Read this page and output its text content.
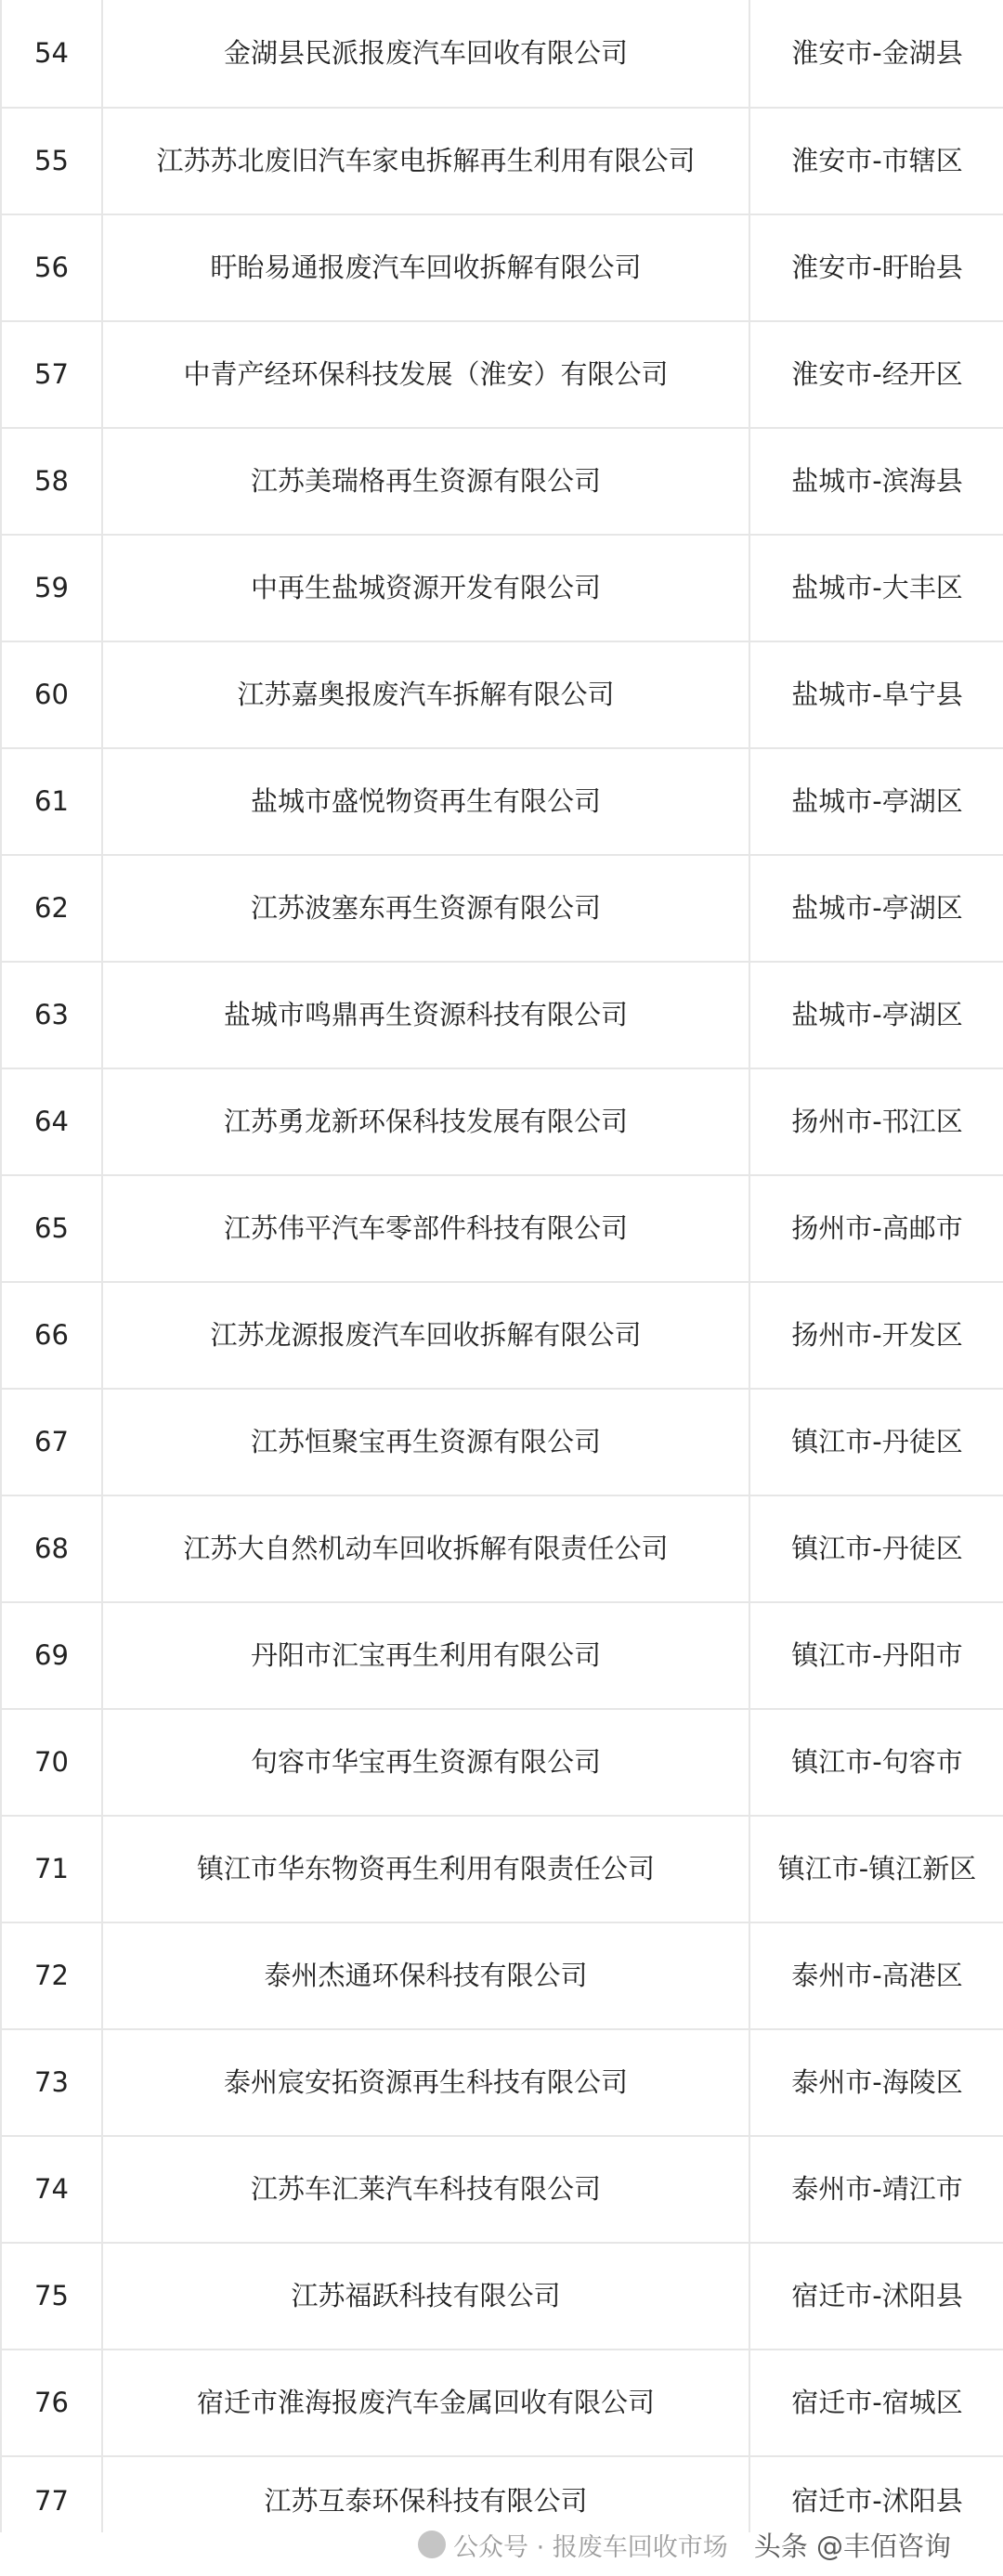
54	金湖县民派报废汽车回收有限公司	淮安市-金湖县
55	江苏苏北废旧汽车家电拆解再生利用有限公司	淮安市-市辖区
56	盱眙易通报废汽车回收拆解有限公司	淮安市-盱眙县
57	中青产经环保科技发展（淮安）有限公司	淮安市-经开区
58	江苏美瑞格再生资源有限公司	盐城市-滨海县
59	中再生盐城资源开发有限公司	盐城市-大丰区
60	江苏嘉奥报废汽车拆解有限公司	盐城市-阜宁县
61	盐城市盛悦物资再生有限公司	盐城市-亭湖区
62	江苏波塞东再生资源有限公司	盐城市-亭湖区
63	盐城市鸣鼎再生资源科技有限公司	盐城市-亭湖区
64	江苏勇龙新环保科技发展有限公司	扬州市-邗江区
65	江苏伟平汽车零部件科技有限公司	扬州市-高邮市
66	江苏龙源报废汽车回收拆解有限公司	扬州市-开发区
67	江苏恒聚宝再生资源有限公司	镇江市-丹徒区
68	江苏大自然机动车回收拆解有限责任公司	镇江市-丹徒区
69	丹阳市汇宝再生利用有限公司	镇江市-丹阳市
70	句容市华宝再生资源有限公司	镇江市-句容市
71	镇江市华东物资再生利用有限责任公司	镇江市-镇江新区
72	泰州杰通环保科技有限公司	泰州市-高港区
73	泰州宸安拓资源再生科技有限公司	泰州市-海陵区
74	江苏车汇莱汽车科技有限公司	泰州市-靖江市
75	江苏福跃科技有限公司	宿迁市-沭阳县
76	宿迁市淮海报废汽车金属回收有限公司	宿迁市-宿城区
77	江苏互泰环保科技有限公司	宿迁市-沭阳县
公众号 · 报废车回收市场 头条 @丰佰咨询
